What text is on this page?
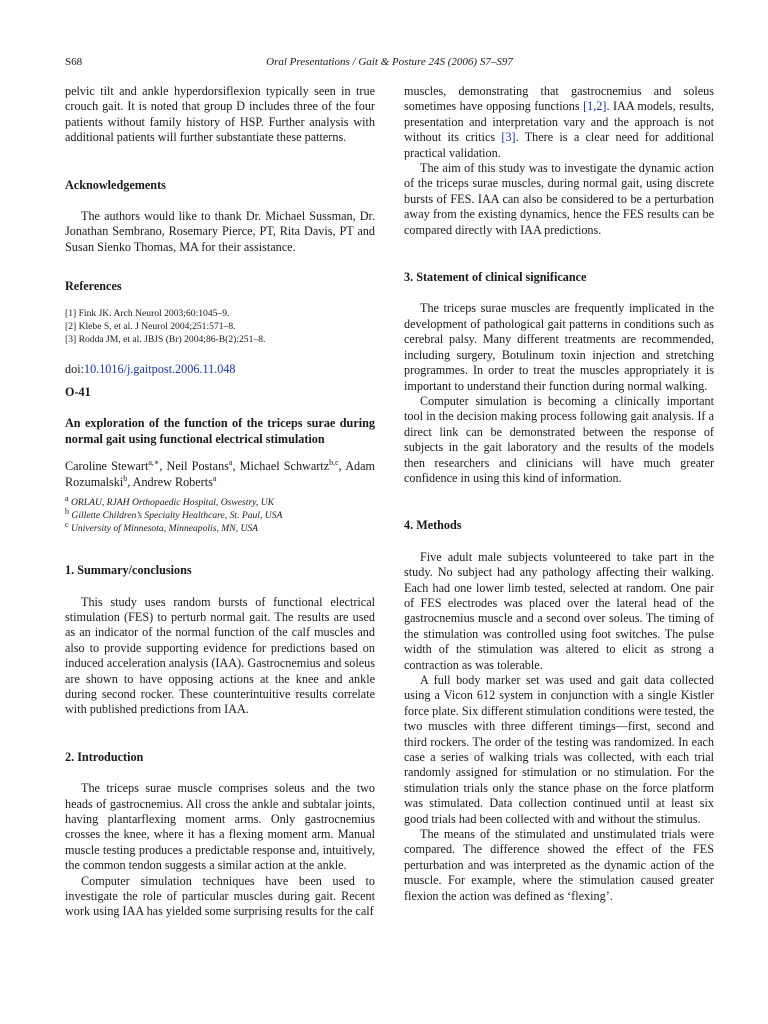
S68	Oral Presentations / Gait & Posture 24S (2006) S7–S97

pelvic tilt and ankle hyperdorsiflexion typically seen in true crouch gait. It is noted that group D includes three of the four patients without family history of HSP. Further analysis with additional patients will further substantiate these patterns.

Acknowledgements

The authors would like to thank Dr. Michael Sussman, Dr. Jonathan Sembrano, Rosemary Pierce, PT, Rita Davis, PT and Susan Sienko Thomas, MA for their assistance.

References

[1] Fink JK. Arch Neurol 2003;60:1045–9.

[2] Klebe S, et al. J Neurol 2004;251:571–8.

[3] Rodda JM, et al. JBJS (Br) 2004;86-B(2):251–8.

doi:10.1016/j.gaitpost.2006.11.048

O-41

An exploration of the function of the triceps surae during normal gait using functional electrical stimulation

Caroline Stewart$^{a,∗}$, Neil Postans$^a$, Michael Schwartz$^{b,c}$, Adam Rozumalski$^b$, Andrew Roberts$^a$

$^a$ ORLAU, RJAH Orthopaedic Hospital, Oswestry, UK

$^b$ Gillette Children’s Specialty Healthcare, St. Paul, USA

$^c$ University of Minnesota, Minneapolis, MN, USA

1. Summary/conclusions

This study uses random bursts of functional electrical stimulation (FES) to perturb normal gait. The results are used as an indicator of the normal function of the calf muscles and also to provide supporting evidence for predictions based on induced acceleration analysis (IAA). Gastrocnemius and soleus are shown to have opposing actions at the knee and ankle during second rocker. These counterintuitive results correlate with published predictions from IAA.

2. Introduction

The triceps surae muscle comprises soleus and the two heads of gastrocnemius. All cross the ankle and subtalar joints, having plantarflexing moment arms. Only gastrocnemius crosses the knee, where it has a flexing moment arm. Manual muscle testing produces a predictable response and, intuitively, the common tendon suggests a similar action at the ankle.

Computer simulation techniques have been used to investigate the role of particular muscles during gait. Recent work using IAA has yielded some surprising results for the calf

muscles, demonstrating that gastrocnemius and soleus sometimes have opposing functions [1,2]. IAA models, results, presentation and interpretation vary and the approach is not without its critics [3]. There is a clear need for additional practical validation.

The aim of this study was to investigate the dynamic action of the triceps surae muscles, during normal gait, using discrete bursts of FES. IAA can also be considered to be a perturbation away from the existing dynamics, hence the FES results can be compared directly with IAA predictions.

3. Statement of clinical significance

The triceps surae muscles are frequently implicated in the development of pathological gait patterns in conditions such as cerebral palsy. Many different treatments are recommended, including surgery, Botulinum toxin injection and stretching programmes. In order to treat the muscles appropriately it is important to understand their function during normal walking.

Computer simulation is becoming a clinically important tool in the decision making process following gait analysis. If a direct link can be demonstrated between the response of subjects in the gait laboratory and the results of the models then researchers and clinicians will have much greater confidence in using this kind of information.

4. Methods

Five adult male subjects volunteered to take part in the study. No subject had any pathology affecting their walking. Each had one lower limb tested, selected at random. One pair of FES electrodes was placed over the lateral head of the gastrocnemius muscle and a second over soleus. The timing of the stimulation was controlled using foot switches. The pulse width of the stimulation was altered to elicit as strong a contraction as was tolerable.

A full body marker set was used and gait data collected using a Vicon 612 system in conjunction with a single Kistler force plate. Six different stimulation conditions were tested, the two muscles with three different timings—first, second and third rockers. The order of the testing was randomized. In each case a series of walking trials was collected, with each trial randomly assigned for stimulation or no stimulation. For the stimulation trials only the stance phase on the force platform was stimulated. Data collection continued until at least six good trials had been collected with and without the stimulus.

The means of the stimulated and unstimulated trials were compared. The difference showed the effect of the FES perturbation and was interpreted as the dynamic action of the muscle. For example, where the stimulation caused greater flexion the action was defined as ‘flexing’.
